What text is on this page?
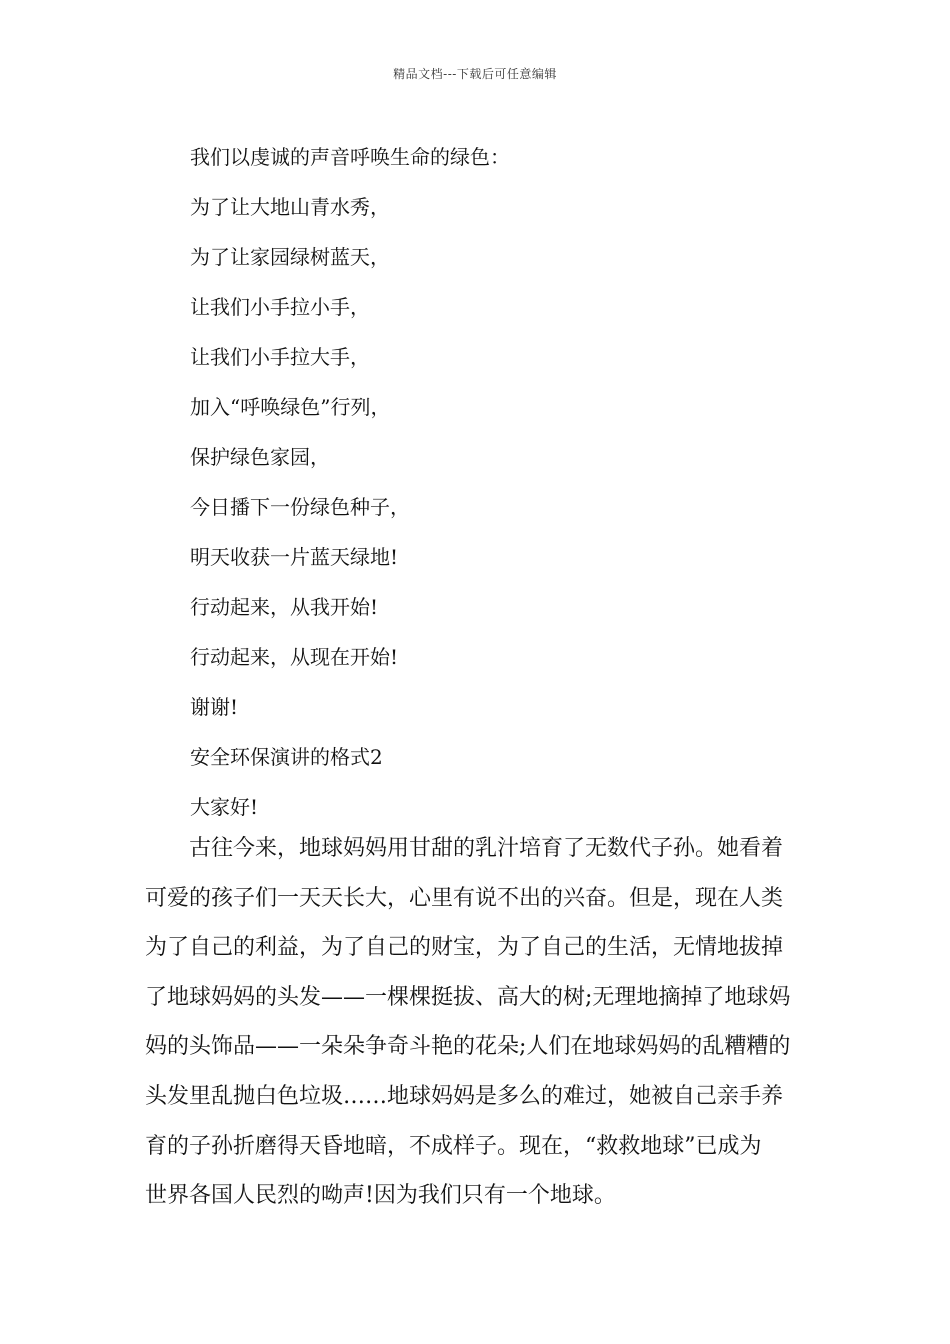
精品文档---下载后可任意编辑
我们以虔诚的声音呼唤生命的绿色：
为了让大地山青水秀，
为了让家园绿树蓝天，
让我们小手拉小手，
让我们小手拉大手，
加入“呼唤绿色”行列，
保护绿色家园，
今日播下一份绿色种子，
明天收获一片蓝天绿地!
行动起来，从我开始!
行动起来，从现在开始!
谢谢!
安全环保演讲的格式2
大家好!
古往今来，地球妈妈用甘甜的乳汁培育了无数代子孙。她看着
可爱的孩子们一天天长大，心里有说不出的兴奋。但是，现在人类
为了自己的利益，为了自己的财宝，为了自己的生活，无情地拔掉
了地球妈妈的头发——一棵棵挺拔、高大的树;无理地摘掉了地球妈
妈的头饰品——一朵朵争奇斗艳的花朵;人们在地球妈妈的乱糟糟的
头发里乱抛白色垃圾……地球妈妈是多么的难过，她被自己亲手养
育的子孙折磨得天昏地暗，不成样子。现在，“救救地球”已成为
世界各国人民烈的呦声!因为我们只有一个地球。
